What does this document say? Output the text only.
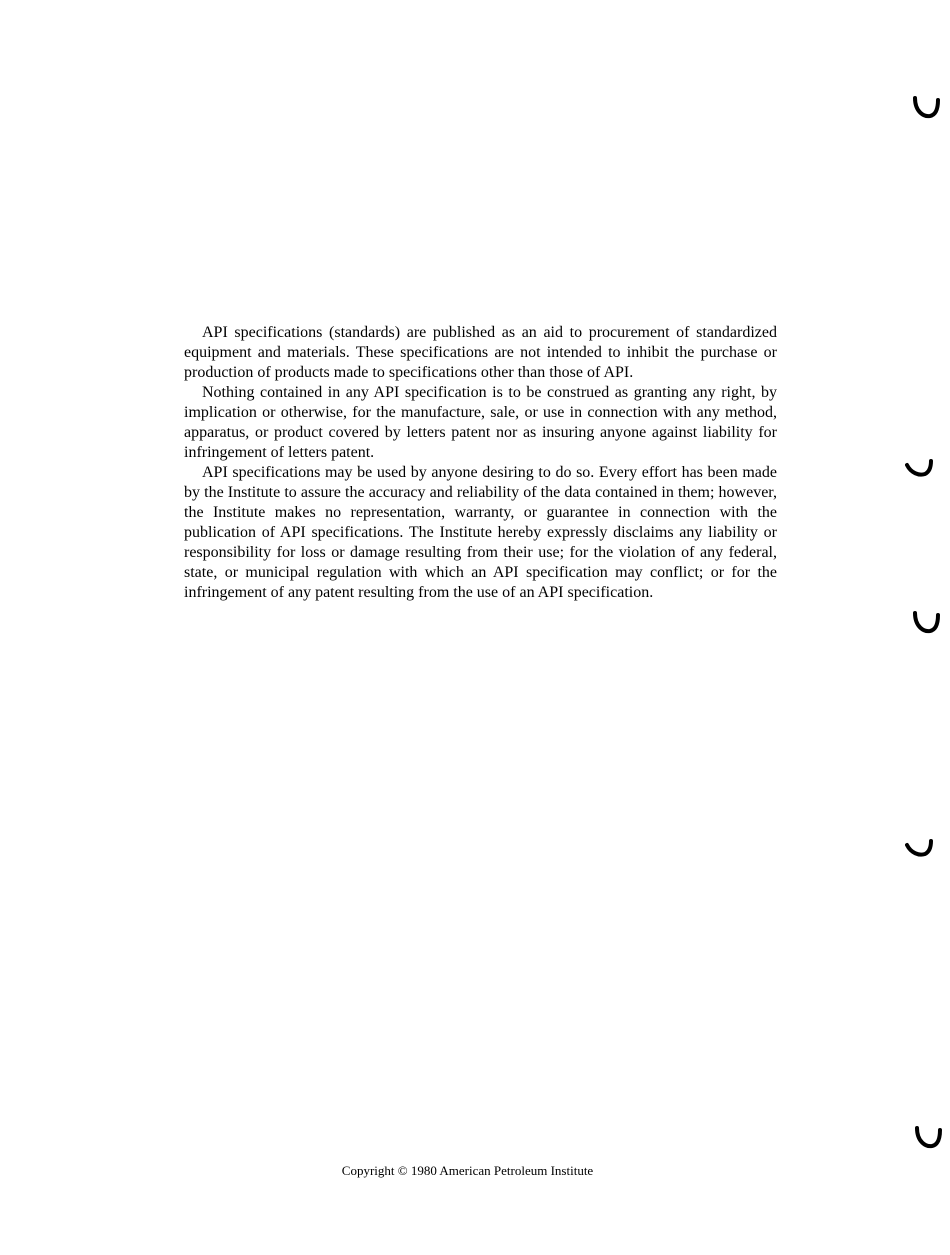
API specifications (standards) are published as an aid to procurement of standardized equipment and materials. These specifications are not intended to inhibit the purchase or production of products made to specifications other than those of API.

Nothing contained in any API specification is to be construed as granting any right, by implication or otherwise, for the manufacture, sale, or use in connection with any method, apparatus, or product covered by letters patent nor as insuring anyone against liability for infringement of letters patent.

API specifications may be used by anyone desiring to do so. Every effort has been made by the Institute to assure the accuracy and reliability of the data contained in them; however, the Institute makes no representation, warranty, or guarantee in connection with the publication of API specifications. The Institute hereby expressly disclaims any liability or responsibility for loss or damage resulting from their use; for the violation of any federal, state, or municipal regulation with which an API specification may conflict; or for the infringement of any patent resulting from the use of an API specification.

Copyright © 1980 American Petroleum Institute
